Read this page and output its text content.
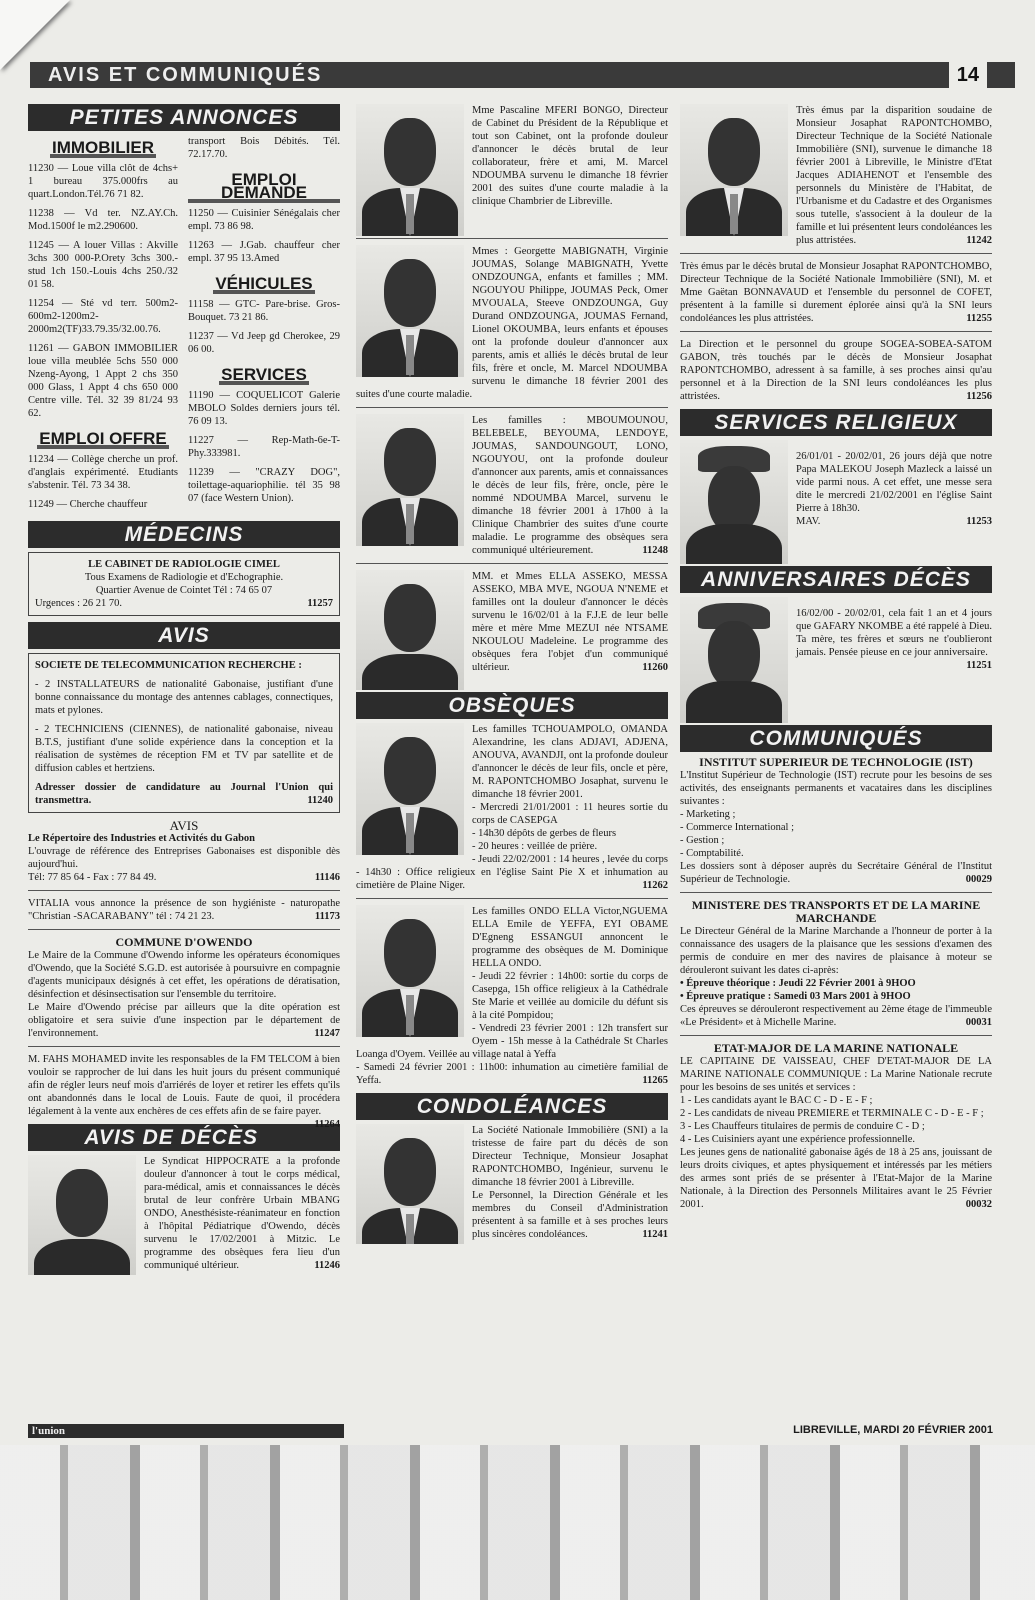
AVIS ET COMMUNIQUÉS	14
PETITES ANNONCES
IMMOBILIER

11230 — Loue villa clôt de 4chs+ 1 bureau 375.000frs au quart.London.Tél.76 71 82.

11238 — Vd ter. NZ.AY.Ch. Mod.1500f le m2.290600.

11245 — A louer Villas : Akville 3chs 300 000-P.Orety 3chs 300.-stud 1ch 150.-Louis 4chs 250./32 01 58.

11254 — Sté vd terr. 500m2-600m2-1200m2-2000m2(TF)33.79.35/32.00.76.

11261 — GABON IMMOBILIER loue villa meublée 5chs 550 000 Nzeng-Ayong, 1 Appt 2 chs 350 000 Glass, 1 Appt 4 chs 650 000 Centre ville. Tél. 32 39 81/24 93 62.

EMPLOI OFFRE

11234 — Collège cherche un prof. d'anglais expérimenté. Etudiants s'abstenir. Tél. 73 34 38.

11249 — Cherche chauffeur

transport Bois Débités. Tél. 72.17.70.

EMPLOI DEMANDE

11250 — Cuisinier Sénégalais cher empl. 73 86 98.

11263 — J.Gab. chauffeur cher empl. 37 95 13.Amed

VÉHICULES

11158 — GTC- Pare-brise. Gros-Bouquet. 73 21 86.

11237 — Vd Jeep gd Cherokee, 29 06 00.

SERVICES

11190 — COQUELICOT Galerie MBOLO Soldes derniers jours tél. 76 09 13.

11227 — Rep-Math-6e-T-Phy.333981.

11239 — "CRAZY DOG", toilettage-aquariophilie. tél 35 98 07 (face Western Union).

MÉDECINS
LE CABINET DE RADIOLOGIE CIMEL
Tous Examens de Radiologie et d'Echographie.
Quartier Avenue de Cointet Tél : 74 65 07
Urgences : 26 21 70.	11257
AVIS

SOCIETE DE TELECOMMUNICATION RECHERCHE :

- 2 INSTALLATEURS de nationalité Gabonaise, justifiant d'une bonne connaissance du montage des antennes cablages, connectiques, mats et pylones.

- 2 TECHNICIENS (CIENNES), de nationalité gabonaise, niveau B.T.S, justifiant d'une solide expérience dans la conception et la réalisation de systèmes de réception FM et TV par satellite et de diffusion cables et hertziens.

Adresser dossier de candidature au Journal l'Union qui transmettra.	11240

AVIS

Le Répertoire des Industries et Activités du Gabon

L'ouvrage de référence des Entreprises Gabonaises est disponible dès aujourd'hui.

Tél: 77 85 64 - Fax : 77 84 49.	11146

VITALIA vous annonce la présence de son hygiéniste - naturopathe "Christian -SACARABANY" tél : 74 21 23.	11173

COMMUNE D'OWENDO

Le Maire de la Commune d'Owendo informe les opérateurs économiques d'Owendo, que la Société S.G.D. est autorisée à poursuivre en compagnie d'agents municipaux désignés à cet effet, les opérations de dératisation, désinfection et désinsectisation sur l'ensemble du territoire.

Le Maire d'Owendo précise par ailleurs que la dite opération est obligatoire et sera suivie d'une inspection par le département de l'environnement.	11247

M. FAHS MOHAMED invite les responsables de la FM TELCOM à bien vouloir se rapprocher de lui dans les huit jours du présent communiqué afin de régler leurs neuf mois d'arriérés de loyer et retirer les effets qu'ils ont abandonnés dans le local de Louis. Faute de quoi, il procédera légalement à la vente aux enchères de ces effets afin de se faire payer.
11264

AVIS DE DÉCÈS

Le Syndicat HIPPOCRATE a la profonde douleur d'annoncer à tout le corps médical, para-médical, amis et connaissances le décès brutal de leur confrère Urbain MBANG ONDO, Anesthésiste-réanimateur en fonction à l'hôpital Pédiatrique d'Owendo, décès survenu le 17/02/2001 à Mitzic. Le programme des obsèques fera lieu d'un communiqué ultérieur.	11246

Mme Pascaline MFERI BONGO, Directeur de Cabinet du Président de la République et tout son Cabinet, ont la profonde douleur d'annoncer le décès brutal de leur collaborateur, frère et ami, M. Marcel NDOUMBA survenu le dimanche 18 février 2001 des suites d'une courte maladie à la clinique Chambrier de Libreville.

Mmes : Georgette MABIGNATH, Virginie JOUMAS, Solange MABIGNATH, Yvette ONDZOUNGA, enfants et familles ; MM. NGOUYOU Philippe, JOUMAS Peck, Omer MVOUALA, Steeve ONDZOUNGA, Guy Durand ONDZOUNGA, JOUMAS Fernand, Lionel OKOUMBA, leurs enfants et épouses ont la profonde douleur d'annoncer aux parents, amis et alliés le décès brutal de leur fils, frère et oncle, M. Marcel NDOUMBA survenu le dimanche 18 février 2001 des suites d'une courte maladie.

Les familles : MBOUMOUNOU, BELEBELE, BEYOUMA, LENDOYE, JOUMAS, SANDOUNGOUT, LONO, NGOUYOU, ont la profonde douleur d'annoncer aux parents, amis et connaissances le décès de leur fils, frère, oncle, père le nommé NDOUMBA Marcel, survenu le dimanche 18 février 2001 à 17h00 à la Clinique Chambrier des suites d'une courte maladie. Le programme des obsèques sera communiqué ultérieurement.	11248

MM. et Mmes ELLA ASSEKO, MESSA ASSEKO, MBA MVE, NGOUA N'NEME et familles ont la douleur d'annoncer le décès survenu le 16/02/01 à la F.J.E de leur belle mère et mère Mme MEZUI née NTSAME NKOULOU Madeleine. Le programme des obsèques fera l'objet d'un communiqué ultérieur.	11260

OBSÈQUES

Les familles TCHOUAMPOLO, OMANDA Alexandrine, les clans ADJAVI, ADJENA, ANOUVA, AVANDJI, ont la profonde douleur d'annoncer le décès de leur fils, oncle et père, M. RAPONTCHOMBO Josaphat, survenu le dimanche 18 février 2001.

- Mercredi 21/01/2001 : 11 heures sortie du corps de CASEPGA

- 14h30 dépôts de gerbes de fleurs

- 20 heures : veillée de prière.

- Jeudi 22/02/2001 : 14 heures , levée du corps

- 14h30 : Office religieux en l'église Saint Pie X et inhumation au cimetière de Plaine Niger.	11262

Les familles ONDO ELLA Victor,NGUEMA ELLA Emile de YEFFA, EYI OBAME D'Egneng ESSANGUI annoncent le programme des obsèques de M. Dominique HELLA ONDO.

- Jeudi 22 février : 14h00: sortie du corps de Casepga, 15h office religieux à la Cathédrale Ste Marie et veillée au domicile du défunt sis à la cité Pompidou;

- Vendredi 23 février 2001 : 12h transfert sur Oyem - 15h messe à la Cathédrale St Charles Loanga d'Oyem. Veillée au village natal à Yeffa

- Samedi 24 février 2001 : 11h00: inhumation au cimetière familial de Yeffa.	11265

CONDOLÉANCES

La Société Nationale Immobilière (SNI) a la tristesse de faire part du décès de son Directeur Technique, Monsieur Josaphat RAPONTCHOMBO, Ingénieur, survenu le dimanche 18 février 2001 à Libreville.

Le Personnel, la Direction Générale et les membres du Conseil d'Administration présentent à sa famille et à ses proches leurs plus sincères condoléances.	11241

Très émus par la disparition soudaine de Monsieur Josaphat RAPONTCHOMBO, Directeur Technique de la Société Nationale Immobilière (SNI), survenue le dimanche 18 février 2001 à Libreville, le Ministre d'Etat Jacques ADIAHENOT et l'ensemble des personnels du Ministère de l'Habitat, de l'Urbanisme et du Cadastre et des Organismes sous tutelle, s'associent à la douleur de la famille et lui présentent leurs condoléances les plus attristées.	11242

Très émus par le décès brutal de Monsieur Josaphat RAPONTCHOMBO, Directeur Technique de la Société Nationale Immobilière (SNI), M. et Mme Gaëtan BONNAVAUD et l'ensemble du personnel de COFET, présentent à la famille si durement éplorée ainsi qu'à la SNI leurs condoléances les plus attristées.	11255

La Direction et le personnel du groupe SOGEA-SOBEA-SATOM GABON, très touchés par le décès de Monsieur Josaphat RAPONTCHOMBO, adressent à sa famille, à ses proches ainsi qu'au personnel et à la Direction de la SNI leurs condoléances les plus attristées.	11256

SERVICES RELIGIEUX

26/01/01 - 20/02/01, 26 jours déjà que notre Papa MALEKOU Joseph Mazleck a laissé un vide parmi nous. A cet effet, une messe sera dite le mercredi 21/02/2001 en l'église Saint Pierre à 18h30.

MAV.	11253

ANNIVERSAIRES DÉCÈS

16/02/00 - 20/02/01, cela fait 1 an et 4 jours que GAFARY NKOMBE a été rappelé à Dieu. Ta mère, tes frères et sœurs ne t'oublieront jamais. Pensée pieuse en ce jour anniversaire.

11251

COMMUNIQUÉS
INSTITUT SUPERIEUR DE TECHNOLOGIE (IST)

L'Institut Supérieur de Technologie (IST) recrute pour les besoins de ses activités, des enseignants permanents et vacataires dans les disciplines suivantes :

- Marketing ;
- Commerce International ;
- Gestion ;
- Comptabilité.

Les dossiers sont à déposer auprès du Secrétaire Général de l'Institut Supérieur de Technologie.	00029

MINISTERE DES TRANSPORTS ET DE LA MARINE MARCHANDE

Le Directeur Général de la Marine Marchande a l'honneur de porter à la connaissance des usagers de la plaisance que les sessions d'examen des permis de conduire en mer des navires de plaisance à moteur se dérouleront suivant les dates ci-après:

• Épreuve théorique : Jeudi 22 Février 2001 à 9HOO
• Épreuve pratique : Samedi 03 Mars 2001 à 9HOO

Ces épreuves se dérouleront respectivement au 2ème étage de l'immeuble «Le Président» et à Michelle Marine.	00031

ETAT-MAJOR DE LA MARINE NATIONALE

LE CAPITAINE DE VAISSEAU, CHEF D'ETAT-MAJOR DE LA MARINE NATIONALE COMMUNIQUE : La Marine Nationale recrute pour les besoins de ses unités et services :

1 - Les candidats ayant le BAC C - D - E - F ;
2 - Les candidats de niveau PREMIERE et TERMINALE C - D - E - F ;
3 - Les Chauffeurs titulaires de permis de conduire C - D ;
4 - Les Cuisiniers ayant une expérience professionnelle.

Les jeunes gens de nationalité gabonaise âgés de 18 à 25 ans, jouissant de leurs droits civiques, et aptes physiquement et intéressés par les métiers des armes sont priés de se présenter à l'Etat-Major de la Marine Nationale, à la Direction des Personnels Militaires avant le 25 Février 2001.	00032

l'union	LIBREVILLE, MARDI 20 FÉVRIER 2001
